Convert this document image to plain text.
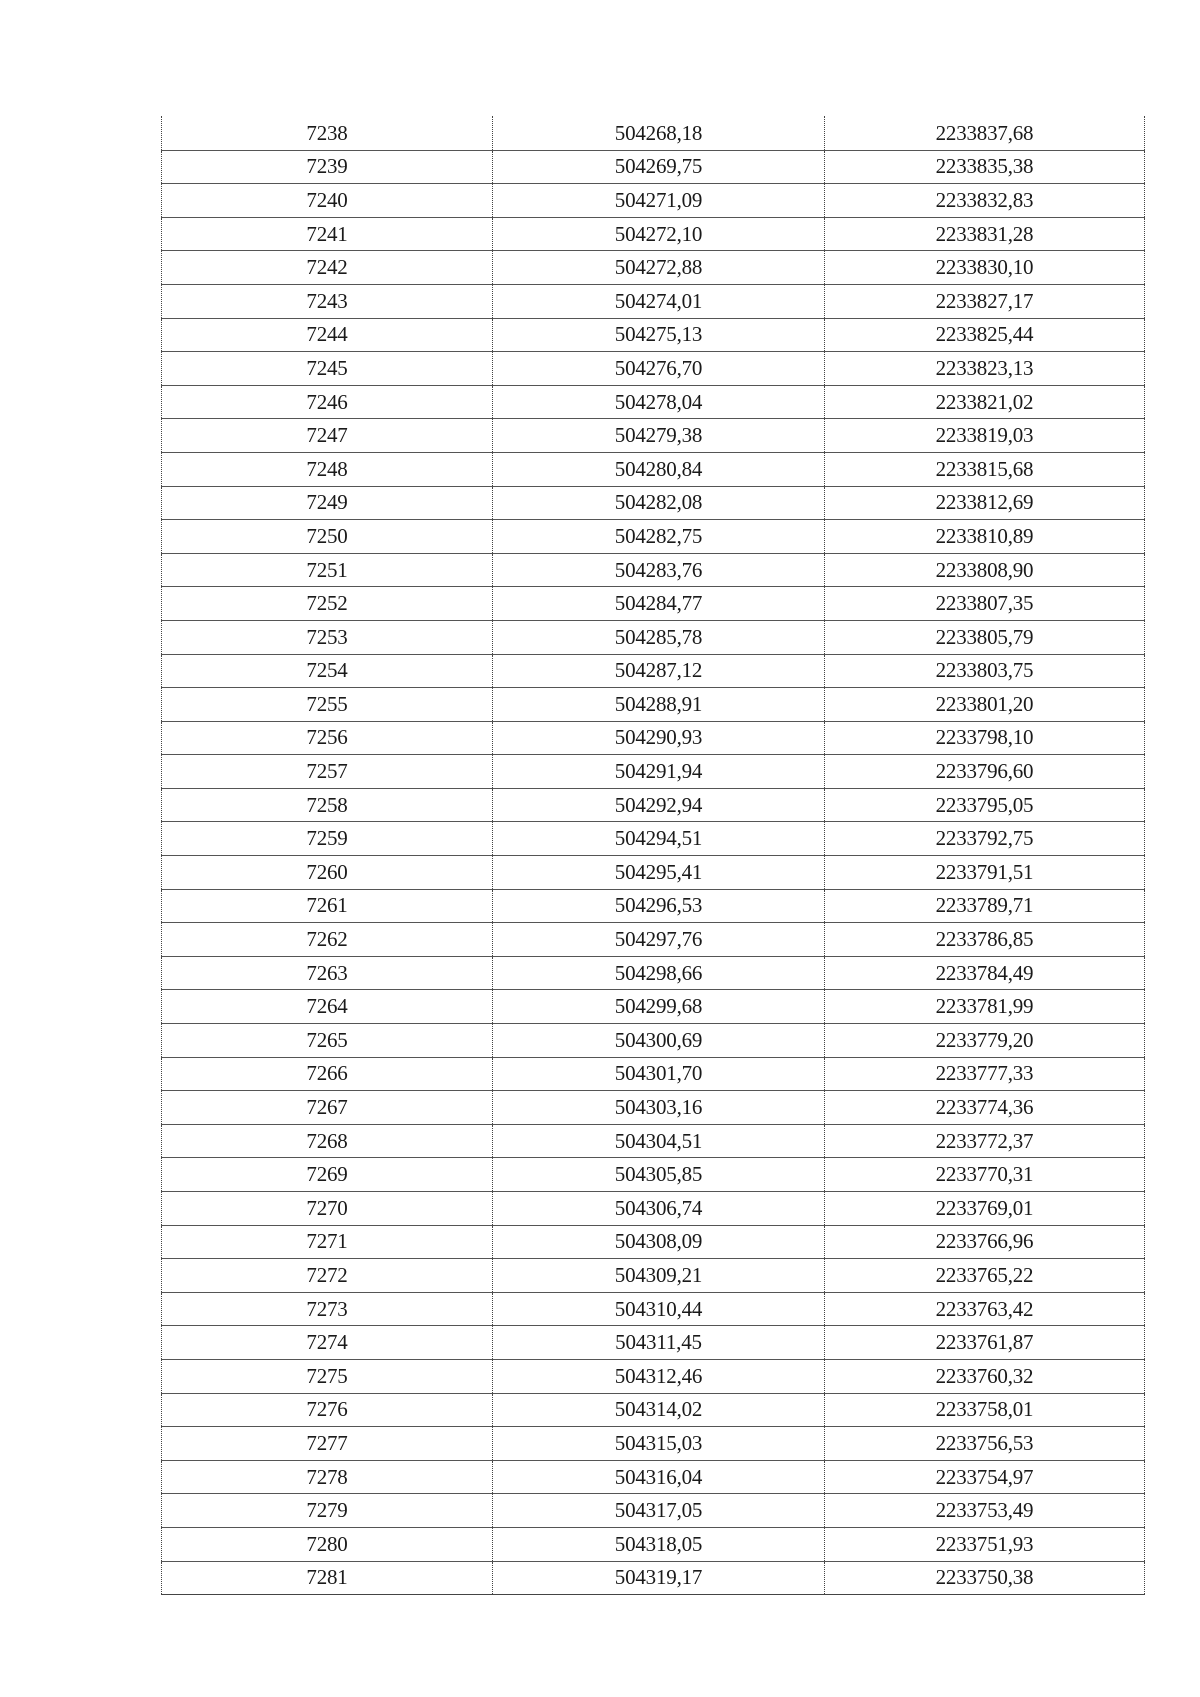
7238	504268,18	2233837,68
7239	504269,75	2233835,38
7240	504271,09	2233832,83
7241	504272,10	2233831,28
7242	504272,88	2233830,10
7243	504274,01	2233827,17
7244	504275,13	2233825,44
7245	504276,70	2233823,13
7246	504278,04	2233821,02
7247	504279,38	2233819,03
7248	504280,84	2233815,68
7249	504282,08	2233812,69
7250	504282,75	2233810,89
7251	504283,76	2233808,90
7252	504284,77	2233807,35
7253	504285,78	2233805,79
7254	504287,12	2233803,75
7255	504288,91	2233801,20
7256	504290,93	2233798,10
7257	504291,94	2233796,60
7258	504292,94	2233795,05
7259	504294,51	2233792,75
7260	504295,41	2233791,51
7261	504296,53	2233789,71
7262	504297,76	2233786,85
7263	504298,66	2233784,49
7264	504299,68	2233781,99
7265	504300,69	2233779,20
7266	504301,70	2233777,33
7267	504303,16	2233774,36
7268	504304,51	2233772,37
7269	504305,85	2233770,31
7270	504306,74	2233769,01
7271	504308,09	2233766,96
7272	504309,21	2233765,22
7273	504310,44	2233763,42
7274	504311,45	2233761,87
7275	504312,46	2233760,32
7276	504314,02	2233758,01
7277	504315,03	2233756,53
7278	504316,04	2233754,97
7279	504317,05	2233753,49
7280	504318,05	2233751,93
7281	504319,17	2233750,38
